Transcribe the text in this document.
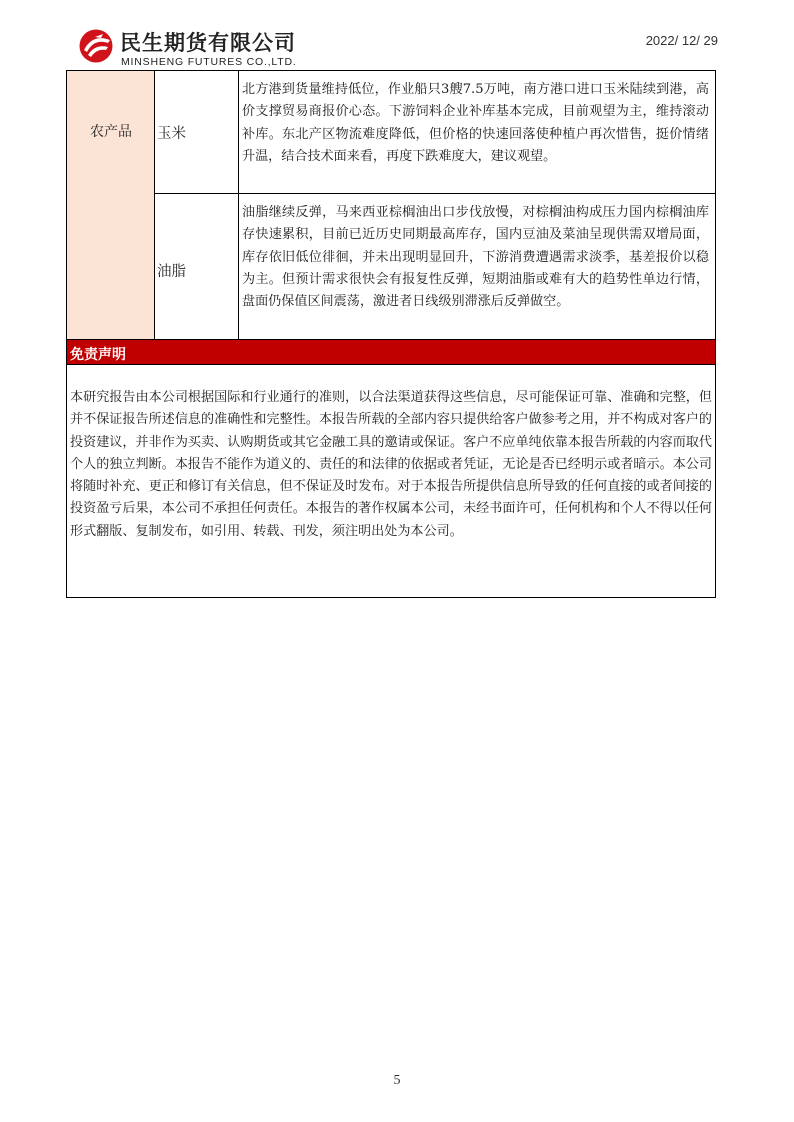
民生期货有限公司
MINSHENG FUTURES CO.,LTD.
2022/ 12/ 29
农产品	玉米
北方港到货量维持低位，作业船只3艘7.5万吨，南方港口进口玉米陆续到港，高价支撑贸易商报价心态。下游饲料企业补库基本完成，目前观望为主，维持滚动补库。东北产区物流难度降低，但价格的快速回落使种植户再次惜售，挺价情绪升温，结合技术面来看，再度下跌难度大，建议观望。
油脂
油脂继续反弹，马来西亚棕榈油出口步伐放慢，对棕榈油构成压力国内棕榈油库存快速累积，目前已近历史同期最高库存，国内豆油及菜油呈现供需双增局面，库存依旧低位徘徊，并未出现明显回升，下游消费遭遇需求淡季，基差报价以稳为主。但预计需求很快会有报复性反弹，短期油脂或难有大的趋势性单边行情，盘面仍保值区间震荡，激进者日线级别滞涨后反弹做空。
免责声明
本研究报告由本公司根据国际和行业通行的准则，以合法渠道获得这些信息，尽可能保证可靠、准确和完整，但并不保证报告所述信息的准确性和完整性。本报告所载的全部内容只提供给客户做参考之用，并不构成对客户的投资建议，并非作为买卖、认购期货或其它金融工具的邀请或保证。客户不应单纯依靠本报告所载的内容而取代个人的独立判断。本报告不能作为道义的、责任的和法律的依据或者凭证，无论是否已经明示或者暗示。本公司将随时补充、更正和修订有关信息，但不保证及时发布。对于本报告所提供信息所导致的任何直接的或者间接的投资盈亏后果，本公司不承担任何责任。本报告的著作权属本公司，未经书面许可，任何机构和个人不得以任何形式翻版、复制发布，如引用、转载、刊发，须注明出处为本公司。
5
